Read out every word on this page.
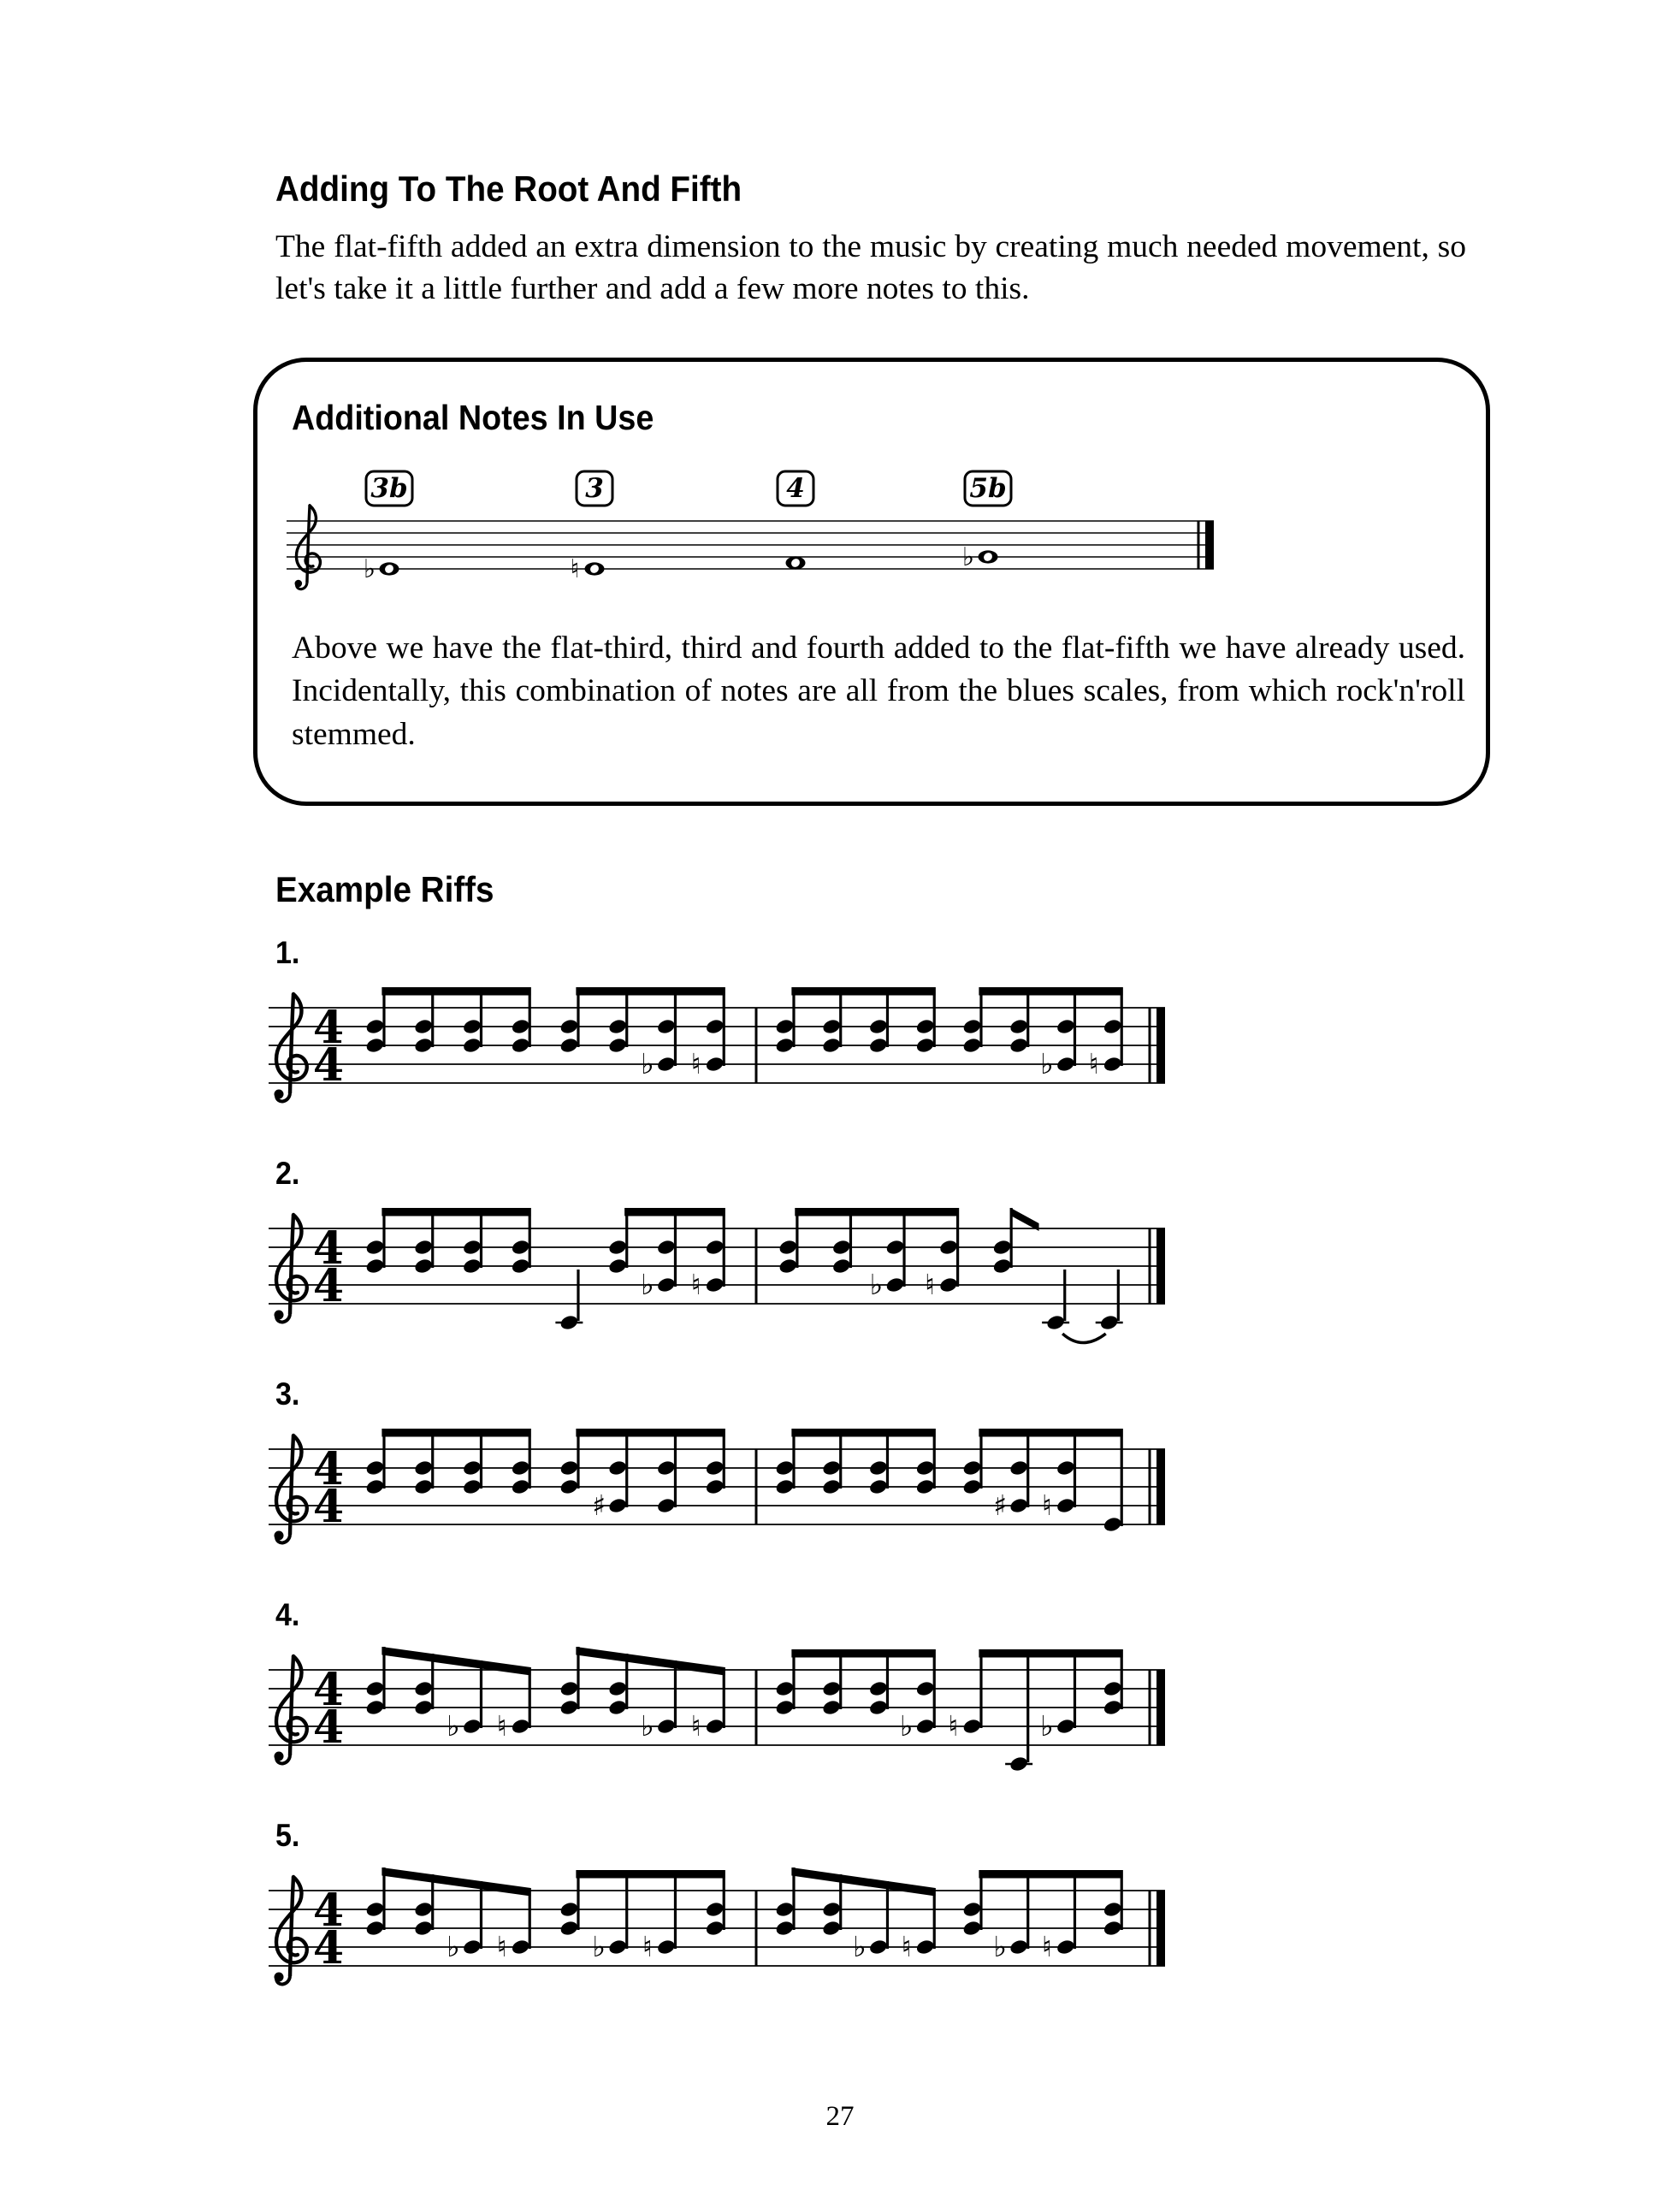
Adding To The Root And Fifth

The flat-fifth added an extra dimension to the music by creating much needed movement, so let's take it a little further and add a few more notes to this.

Additional Notes In Use
3b
♭
3
♮
4	5b
♭

Above we have the flat-third, third and fourth added to the flat-fifth we have already used. Incidentally, this combination of notes are all from the blues scales, from which rock'n'roll stemmed.

Example Riffs
1.
4
4	♭ ♮	♭ ♮
2.
4
4	♭ ♮	♭ ♮
3.
4
4	♯	♯ ♮
4.
4
4	♭ ♮	♭ ♮	♭ ♮	♭
5.
4
4	♭ ♮	♭ ♮	♭ ♮	♭ ♮
27
